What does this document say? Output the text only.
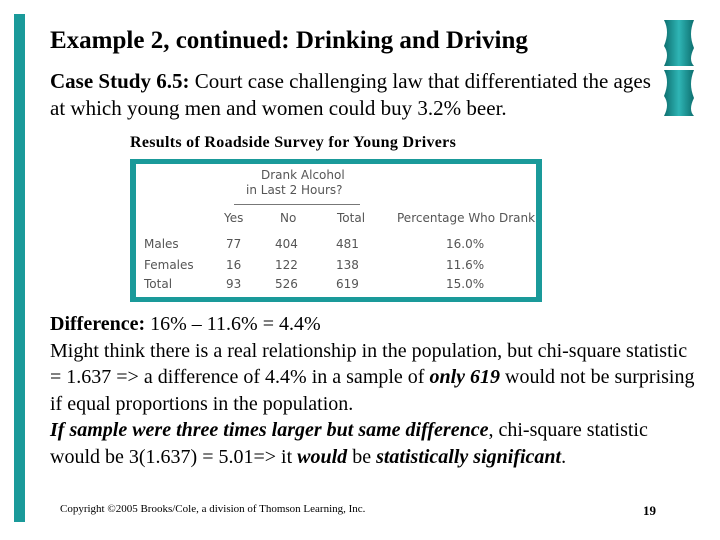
Example 2, continued: Drinking and Driving
Case Study 6.5: Court case challenging law that differentiated the ages at which young men and women could buy 3.2% beer.
Results of Roadside Survey for Young Drivers
Drank Alcohol
in Last 2 Hours?
Yes	No	Total	Percentage Who Drank
Males	77	404	481	16.0%
Females	16	122	138	11.6%
Total	93	526	619	15.0%

Difference: 16% – 11.6% = 4.4%

Might think there is a real relationship in the population, but chi-square statistic = 1.637 => a difference of 4.4% in a sample of only 619 would not be surprising if equal proportions in the population.

If sample were three times larger but same difference, chi-square statistic would be 3(1.637) = 5.01=> it would be statistically significant.

Copyright ©2005 Brooks/Cole, a division of Thomson Learning, Inc.	19
